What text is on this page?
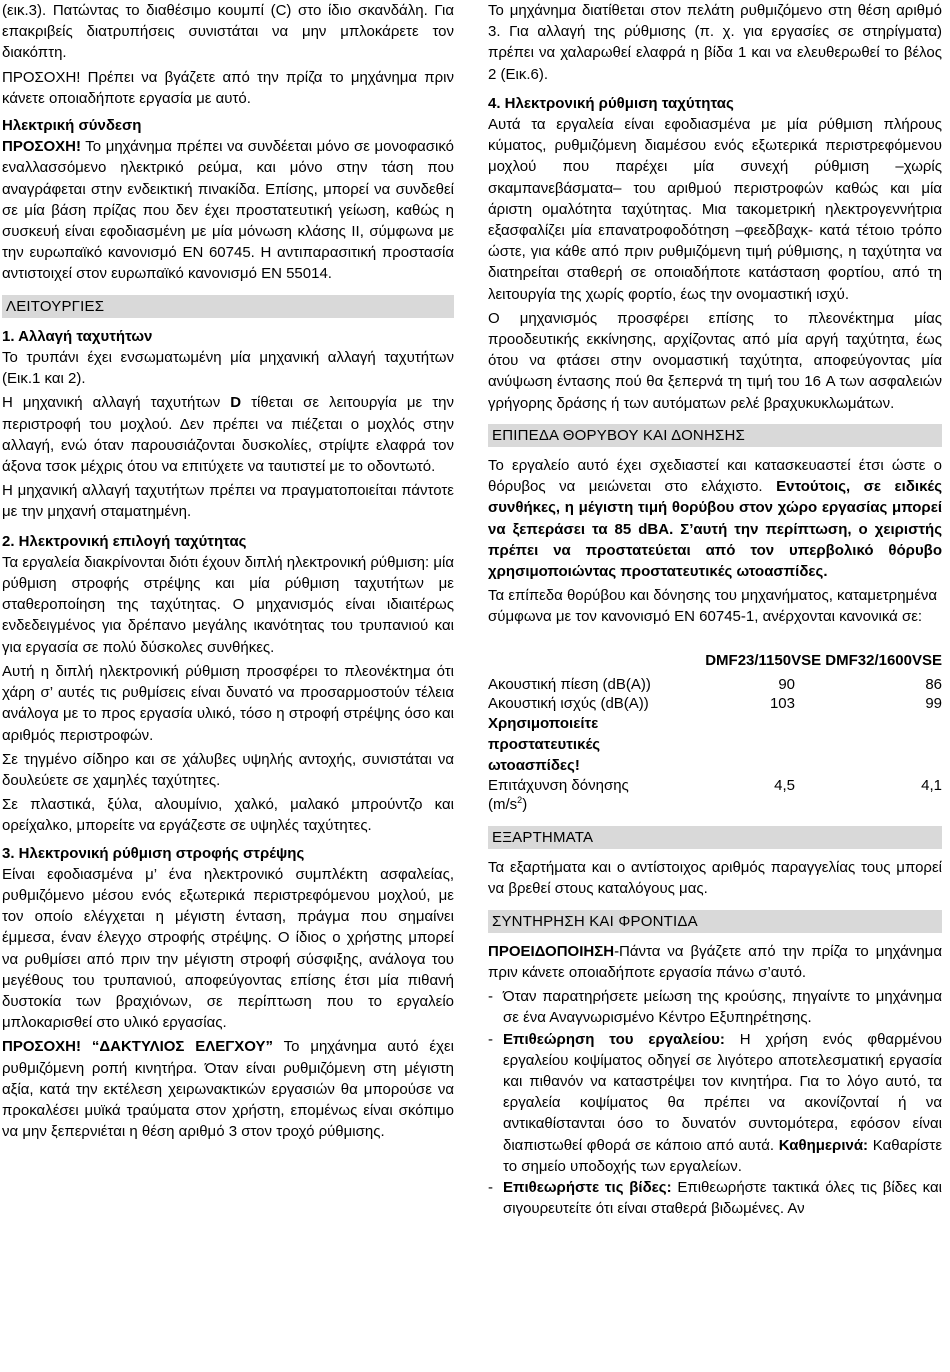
(εικ.3). Πατώντας το διαθέσιμο κουμπί (C) στο ίδιο σκανδάλη. Για επακριβείς διατρυπήσεις συνιστάται να μην μπλοκάρετε τον διακόπτη.

ΠΡΟΣΟΧΗ! Πρέπει να βγάζετε από την πρίζα το μηχάνημα πριν κάνετε οποιαδήποτε εργασία με αυτό.

Ηλεκτρική σύνδεση

ΠΡΟΣΟΧΗ! Το μηχάνημα πρέπει να συνδέεται μόνο σε μονοφασικό εναλλασσόμενο ηλεκτρικό ρεύμα, και μόνο στην τάση που αναγράφεται στην ενδεικτική πινακίδα. Επίσης, μπορεί να συνδεθεί σε μία βάση πρίζας που δεν έχει προστατευτική γείωση, καθώς η συσκευή είναι εφοδιασμένη με μία μόνωση κλάσης ΙΙ, σύμφωνα με την ευρωπαϊκό κανονισμό EN 60745. Η αντιπαρασιτική προστασία αντιστοιχεί στον ευρωπαϊκό κανονισμό EN 55014.

ΛΕΙΤΟΥΡΓΙΕΣ
1. Αλλαγή ταχυτήτων

Το τρυπάνι έχει ενσωματωμένη μία μηχανική αλλαγή ταχυτήτων (Εικ.1 και 2).

Η μηχανική αλλαγή ταχυτήτων D τίθεται σε λειτουργία με την περιστροφή του μοχλού. Δεν πρέπει να πιέζεται ο μοχλός στην αλλαγή, ενώ όταν παρουσιάζονται δυσκολίες, στρίψτε ελαφρά τον άξονα τσοκ μέχρις ότου να επιτύχετε να ταυτιστεί με το οδοντωτό.

Η μηχανική αλλαγή ταχυτήτων πρέπει να πραγματοποιείται πάντοτε με την μηχανή σταματημένη.

2. Ηλεκτρονική επιλογή ταχύτητας

Τα εργαλεία διακρίνονται διότι έχουν διπλή ηλεκτρονική ρύθμιση: μία ρύθμιση στροφής στρέψης και μία ρύθμιση ταχυτήτων με σταθεροποίηση της ταχύτητας. Ο μηχανισμός είναι ιδιαιτέρως ενδεδειγμένος για δρέπανο μεγάλης ικανότητας του τρυπανιού και για εργασία σε πολύ δύσκολες συνθήκες.

Αυτή η διπλή ηλεκτρονική ρύθμιση προσφέρει το πλεονέκτημα ότι χάρη σ’ αυτές τις ρυθμίσεις είναι δυνατό να προσαρμοστούν τέλεια ανάλογα με το προς εργασία υλικό, τόσο η στροφή στρέψης όσο και αριθμός περιστροφών.

Σε τηγμένο σίδηρο και σε χάλυβες υψηλής αντοχής, συνιστάται να δουλεύετε σε χαμηλές ταχύτητες.

Σε πλαστικά, ξύλα, αλουμίνιο, χαλκό, μαλακό μπρούντζο και ορείχαλκο, μπορείτε να εργάζεστε σε υψηλές ταχύτητες.

3. Ηλεκτρονική ρύθμιση στροφής στρέψης

Είναι εφοδιασμένα μ’ ένα ηλεκτρονικό συμπλέκτη ασφαλείας, ρυθμιζόμενο μέσου ενός εξωτερικά περιστρεφόμενου μοχλού, με τον οποίο ελέγχεται η μέγιστη ένταση, πράγμα που σημαίνει έμμεσα, έναν έλεγχο στροφής στρέψης. Ο ίδιος ο χρήστης μπορεί να ρυθμίσει από πριν την μέγιστη στροφή σύσφιξης, ανάλογα του μεγέθους του τρυπανιού, αποφεύγοντας επίσης έτσι μία πιθανή δυστοκία των βραχιόνων, σε περίπτωση που το εργαλείο μπλοκαρισθεί στο υλικό εργασίας.

ΠΡΟΣΟΧΗ! “ΔΑΚΤΥΛΙΟΣ ΕΛΕΓΧΟΥ” Το μηχάνημα αυτό έχει ρυθμιζόμενη ροπή κινητήρα. Όταν είναι ρυθμιζόμενη στη μέγιστη αξία, κατά την εκτέλεση χειρωνακτικών εργασιών θα μπορούσε να προκαλέσει μυϊκά τραύματα στον χρήστη, επομένως είναι σκόπιμο να μην ξεπερνιέται η θέση αριθμό 3 στον τροχό ρύθμισης.

Το μηχάνημα διατίθεται στον πελάτη ρυθμιζόμενο στη θέση αριθμό 3. Για αλλαγή της ρύθμισης (π. χ. για εργασίες σε στηρίγματα) πρέπει να χαλαρωθεί ελαφρά η βίδα 1 και να ελευθερωθεί το βέλος 2 (Εικ.6).

4. Ηλεκτρονική ρύθμιση ταχύτητας

Αυτά τα εργαλεία είναι εφοδιασμένα με μία ρύθμιση πλήρους κύματος, ρυθμιζόμενη διαμέσου ενός εξωτερικά περιστρεφόμενου μοχλού που παρέχει μία συνεχή ρύθμιση –χωρίς σκαμπανεβάσματα– του αριθμού περιστροφών καθώς και μία άριστη ομαλότητα ταχύτητας. Μια τακομετρική ηλεκτρογεννήτρια εξασφαλίζει μία επανατροφοδότηση –φεεδβαχκ- κατά τέτοιο τρόπο ώστε, για κάθε από πριν ρυθμιζόμενη τιμή ρύθμισης, η ταχύτητα να διατηρείται σταθερή σε οποιαδήποτε κατάσταση φορτίου, από τη λειτουργία της χωρίς φορτίο, έως την ονομαστική ισχύ.

Ο μηχανισμός προσφέρει επίσης το πλεονέκτημα μίας προοδευτικής εκκίνησης, αρχίζοντας από μία αργή ταχύτητα, έως ότου να φτάσει στην ονομαστική ταχύτητα, αποφεύγοντας μία ανύψωση έντασης πού θα ξεπερνά τη τιμή του 16 A των ασφαλειών γρήγορης δράσης ή των αυτόματων ρελέ βραχυκυκλωμάτων.

ΕΠΙΠΕΔΑ ΘΟΡΥΒΟΥ ΚΑΙ ΔΟΝΗΣΗΣ

Το εργαλείο αυτό έχει σχεδιαστεί και κατασκευαστεί έτσι ώστε ο θόρυβος να μειώνεται στο ελάχιστο. Εντούτοις, σε ειδικές συνθήκες, η μέγιστη τιμή θορύβου στον χώρο εργασίας μπορεί να ξεπεράσει τα 85 dBA. Σ’αυτή την περίπτωση, ο χειριστής πρέπει να προστατεύεται από τον υπερβολικό θόρυβο χρησιμοποιώντας προστατευτικές ωτοασπίδες.

Τα επίπεδα θορύβου και δόνησης του μηχανήματος, καταμετρημένα σύμφωνα με τον κανονισμό EN 60745-1, ανέρχονται κανονικά σε:

DMF23/1150VSE DMF32/1600VSE
Ακουστική πίεση (dB(A))	90	86
Ακουστική ισχύς (dB(A))	103	99
Χρησιμοποιείτε προστατευτικές ωτοασπίδες!		
Επιτάχυνση δόνησης
$(m/s^2)$	4,5	4,1
ΕΞΑΡΤΗΜΑΤΑ

Τα εξαρτήματα και ο αντίστοιχος αριθμός παραγγελίας τους μπορεί να βρεθεί στους καταλόγους μας.

ΣΥΝΤΗΡΗΣΗ ΚΑΙ ΦΡΟΝΤΙΔΑ

ΠΡΟΕΙΔΟΠΟΙΗΣΗ-Πάντα να βγάζετε από την πρίζα το μηχάνημα πριν κάνετε οποιαδήποτε εργασία πάνω σ’αυτό.

- Όταν παρατηρήσετε μείωση της κρούσης, πηγαίντε το μηχάνημα σε ένα Αναγνωρισμένο Κέντρο Εξυπηρέτησης.
- Επιθεώρηση του εργαλείου: Η χρήση ενός φθαρμένου εργαλείου κοψίματος οδηγεί σε λιγότερο αποτελεσματική εργασία και πιθανόν να καταστρέψει τον κινητήρα. Για το λόγο αυτό, τα εργαλεία κοψίματος θα πρέπει να ακονίζονταί ή να αντικαθίστανται όσο το δυνατόν συντομότερα, εφόσον είναι διαπιστωθεί φθορά σε κάποιο από αυτά. Καθημερινά: Καθαρίστε το σημείο υποδοχής των εργαλείων.
- Επιθεωρήστε τις βίδες: Επιθεωρήστε τακτικά όλες τις βίδες και σιγουρευτείτε ότι είναι σταθερά βιδωμένες. Αν
